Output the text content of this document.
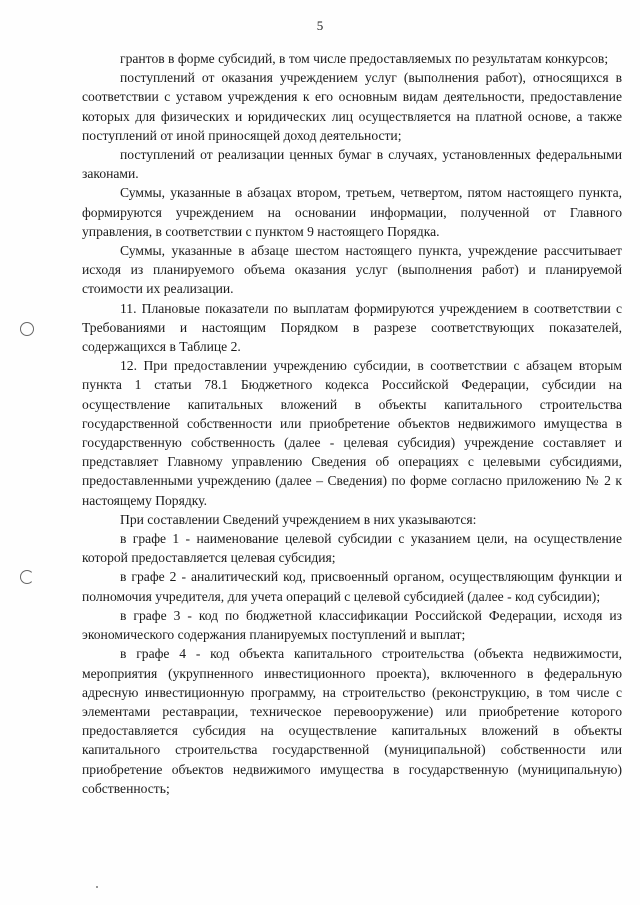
5

грантов в форме субсидий, в том числе предоставляемых по результатам конкурсов;

поступлений от оказания учреждением услуг (выполнения работ), относящихся в соответствии с уставом учреждения к его основным видам деятельности, предоставление которых для физических и юридических лиц осуществляется на платной основе, а также поступлений от иной приносящей доход деятельности;

поступлений от реализации ценных бумаг в случаях, установленных федеральными законами.

Суммы, указанные в абзацах втором, третьем, четвертом, пятом настоящего пункта, формируются учреждением на основании информации, полученной от Главного управления, в соответствии с пунктом 9 настоящего Порядка.

Суммы, указанные в абзаце шестом настоящего пункта, учреждение рассчитывает исходя из планируемого объема оказания услуг (выполнения работ) и планируемой стоимости их реализации.

11. Плановые показатели по выплатам формируются учреждением в соответствии с Требованиями и настоящим Порядком в разрезе соответствующих показателей, содержащихся в Таблице 2.

12. При предоставлении учреждению субсидии, в соответствии с абзацем вторым пункта 1 статьи 78.1 Бюджетного кодекса Российской Федерации, субсидии на осуществление капитальных вложений в объекты капитального строительства государственной собственности или приобретение объектов недвижимого имущества в государственную собственность (далее - целевая субсидия) учреждение составляет и представляет Главному управлению Сведения об операциях с целевыми субсидиями, предоставленными учреждению (далее – Сведения) по форме согласно приложению № 2 к настоящему Порядку.

При составлении Сведений учреждением в них указываются:

в графе 1 - наименование целевой субсидии с указанием цели, на осуществление которой предоставляется целевая субсидия;

в графе 2 - аналитический код, присвоенный органом, осуществляющим функции и полномочия учредителя, для учета операций с целевой субсидией (далее - код субсидии);

в графе 3 - код по бюджетной классификации Российской Федерации, исходя из экономического содержания планируемых поступлений и выплат;

в графе 4 - код объекта капитального строительства (объекта недвижимости, мероприятия (укрупненного инвестиционного проекта), включенного в федеральную адресную инвестиционную программу, на строительство (реконструкцию, в том числе с элементами реставрации, техническое перевооружение) или приобретение которого предоставляется субсидия на осуществление капитальных вложений в объекты капитального строительства государственной (муниципальной) собственности или приобретение объектов недвижимого имущества в государственную (муниципальную) собственность;
